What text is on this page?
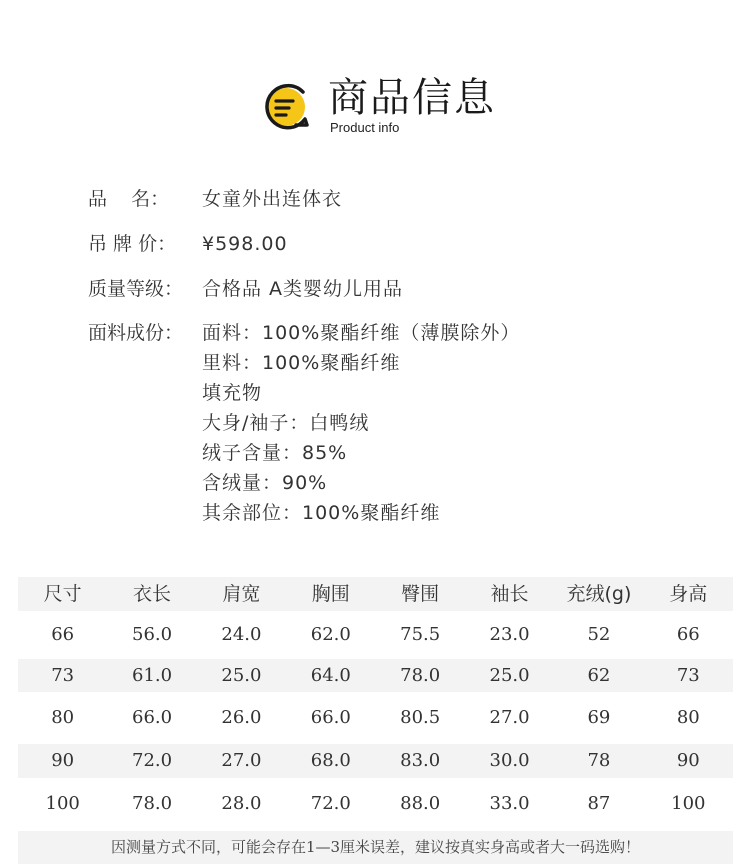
商品信息
Product info
品    名：	女童外出连体衣
吊 牌 价：	¥598.00
质量等级： 合格品 A类婴幼儿用品
面料成份： 面料：100%聚酯纤维（薄膜除外）
里料：100%聚酯纤维
填充物
大身/袖子：白鸭绒
绒子含量：85%
含绒量：90%
其余部位：100%聚酯纤维
尺寸	衣长	肩宽	胸围	臀围	袖长	充绒(g)	身高
66	56.0	24.0	62.0	75.5	23.0	52	66
73	61.0	25.0	64.0	78.0	25.0	62	73
80	66.0	26.0	66.0	80.5	27.0	69	80
90	72.0	27.0	68.0	83.0	30.0	78	90
100	78.0	28.0	72.0	88.0	33.0	87	100
因测量方式不同，可能会存在1—3厘米误差，建议按真实身高或者大一码选购！
